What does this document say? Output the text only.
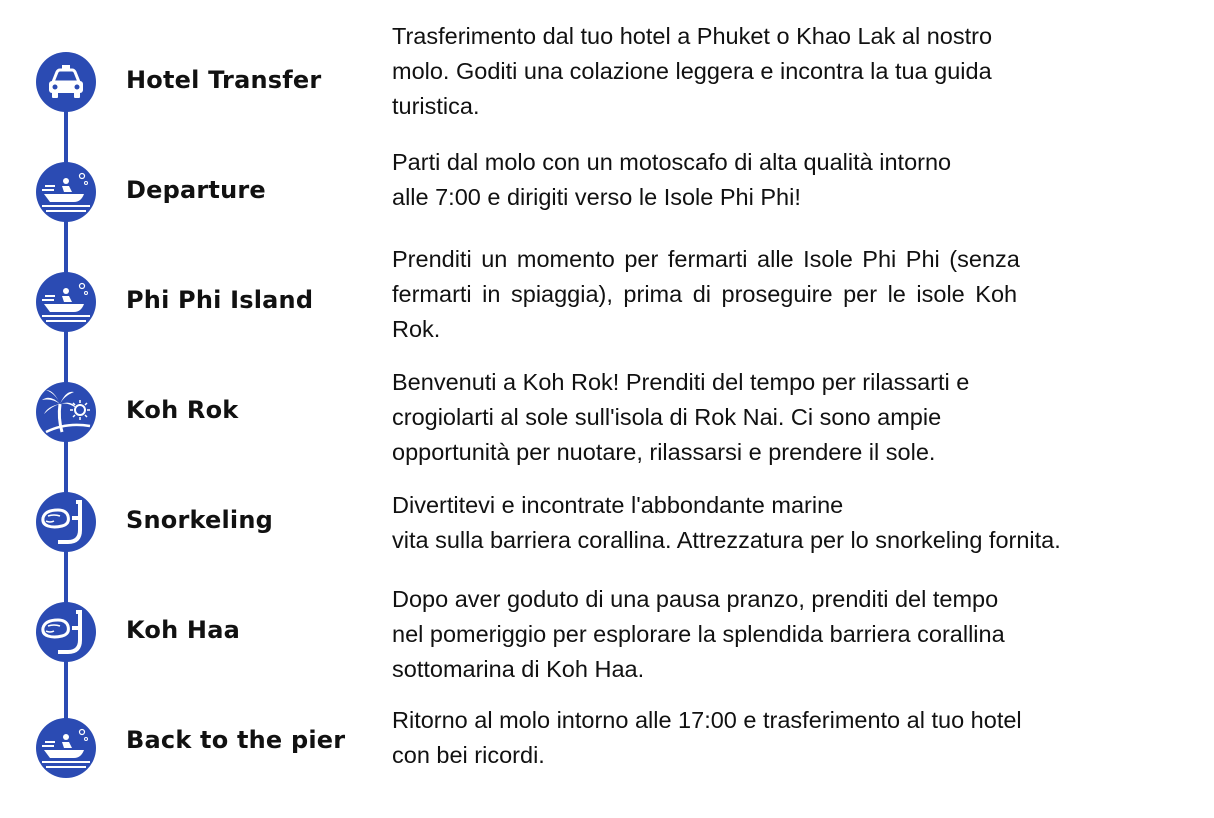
Hotel Transfer
Trasferimento dal tuo hotel a Phuket o Khao Lak al nostro
molo. Goditi una colazione leggera e incontra la tua guida
turistica.
Departure
Parti dal molo con un motoscafo di alta qualità intorno
alle 7:00 e dirigiti verso le Isole Phi Phi!
Phi Phi Island
Prenditi un momento per fermarti alle Isole Phi Phi (senza
fermarti in spiaggia), prima di proseguire per le isole Koh
Rok.
Koh Rok
Benvenuti a Koh Rok! Prenditi del tempo per rilassarti e
crogiolarti al sole sull'isola di Rok Nai. Ci sono ampie
opportunità per nuotare, rilassarsi e prendere il sole.
Snorkeling
Divertitevi e incontrate l'abbondante marine
vita sulla barriera corallina. Attrezzatura per lo snorkeling fornita.
Koh Haa
Dopo aver goduto di una pausa pranzo, prenditi del tempo
nel pomeriggio per esplorare la splendida barriera corallina
sottomarina di Koh Haa.
Back to the pier
Ritorno al molo intorno alle 17:00 e trasferimento al tuo hotel
con bei ricordi.
